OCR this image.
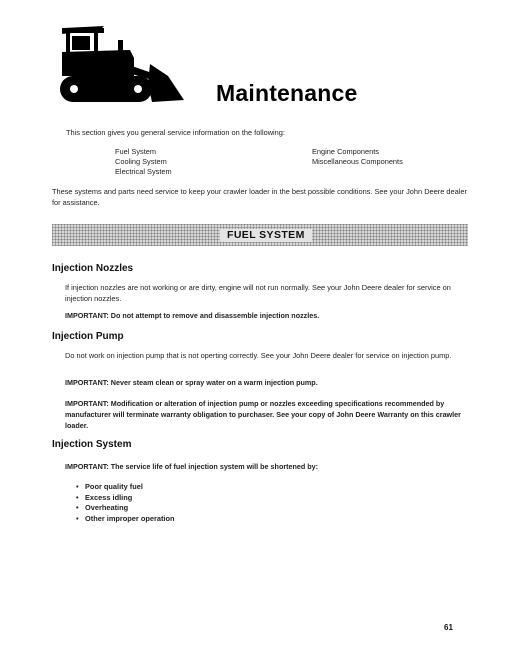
Maintenance
This section gives you general service information on the following:
Fuel System
Cooling System
Electrical System
Engine Components
Miscellaneous Components
These systems and parts need service to keep your crawler loader in the best possible conditions. See your John Deere dealer for assistance.
FUEL SYSTEM
Injection Nozzles
If injection nozzles are not working or are dirty, engine will not run normally. See your John Deere dealer for service on injection nozzles.
IMPORTANT: Do not attempt to remove and disassemble injection nozzles.
Injection Pump
Do not work on injection pump that is not operting correctly. See your John Deere dealer for service on injection pump.
IMPORTANT: Never steam clean or spray water on a warm injection pump.
IMPORTANT: Modification or alteration of injection pump or nozzles exceeding specifications recommended by manufacturer will terminate warranty obligation to purchaser. See your copy of John Deere Warranty on this crawler loader.
Injection System
IMPORTANT: The service life of fuel injection system will be shortened by:
• Poor quality fuel
• Excess idling
• Overheating
• Other improper operation
61
